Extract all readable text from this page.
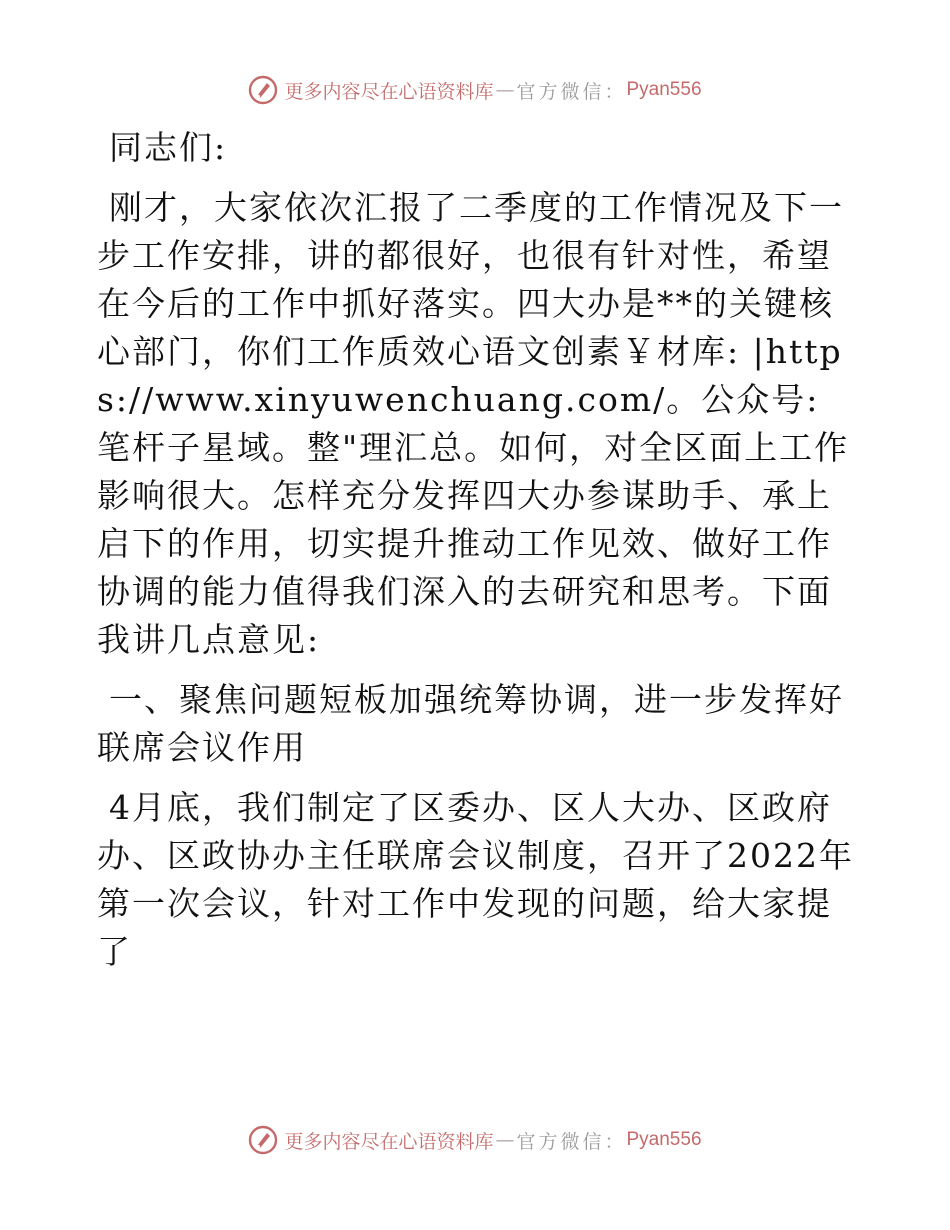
更多内容尽在心语资料库 — 官方微信： Pyan556

同志们:

刚才，大家依次汇报了二季度的工作情况及下一步工作安排，讲的都很好，也很有针对性，希望在今后的工作中抓好落实。四大办是**的关键核心部门，你们工作质效心语文创素￥材库: |https://www.xinyuwenchuang.com/。公众号: 笔杆子星域。整"理汇总。如何，对全区面上工作影响很大。怎样充分发挥四大办参谋助手、承上启下的作用，切实提升推动工作见效、做好工作协调的能力值得我们深入的去研究和思考。下面我讲几点意见:

一、聚焦问题短板加强统筹协调，进一步发挥好联席会议作用

4月底，我们制定了区委办、区人大办、区政府办、区政协办主任联席会议制度，召开了2022年第一次会议，针对工作中发现的问题，给大家提了

更多内容尽在心语资料库 — 官方微信： Pyan556
